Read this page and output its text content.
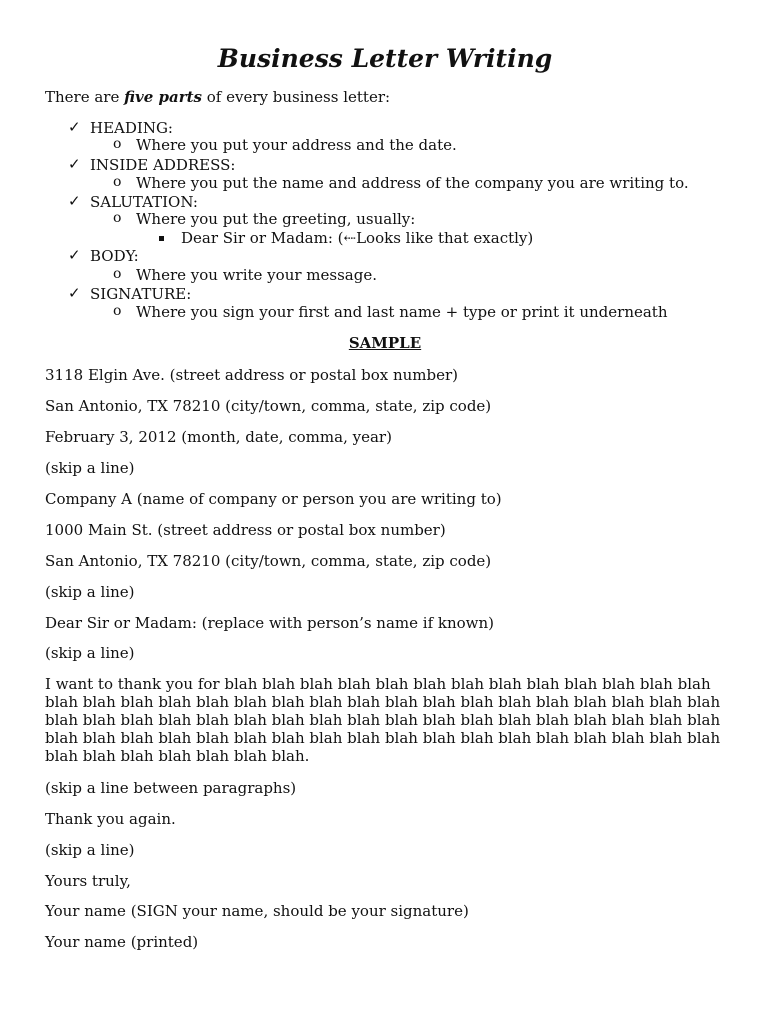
Business Letter Writing
There are five parts of every business letter:
✓ HEADING:
o Where you put your address and the date.
✓ INSIDE ADDRESS:
o Where you put the name and address of the company you are writing to.
✓ SALUTATION:
o Where you put the greeting, usually:
Dear Sir or Madam: (⇠Looks like that exactly)
✓ BODY:
o Where you write your message.
✓ SIGNATURE:
o Where you sign your first and last name + type or print it underneath
SAMPLE
3118 Elgin Ave. (street address or postal box number)
San Antonio, TX 78210 (city/town, comma, state, zip code)
February 3, 2012 (month, date, comma, year)
(skip a line)
Company A (name of company or person you are writing to)
1000 Main St. (street address or postal box number)
San Antonio, TX 78210 (city/town, comma, state, zip code)
(skip a line)
Dear Sir or Madam: (replace with person’s name if known)
(skip a line)
I want to thank you for blah blah blah blah blah blah blah blah blah blah blah blah blah blah blah blah blah blah blah blah blah blah blah blah blah blah blah blah blah blah blah blah blah blah blah blah blah blah blah blah blah blah blah blah blah blah blah blah blah blah blah blah blah blah blah blah blah blah blah blah blah blah blah blah blah blah blah blah blah blah blah blah blah blah.
(skip a line between paragraphs)
Thank you again.
(skip a line)
Yours truly,
Your name (SIGN your name, should be your signature)
Your name (printed)
